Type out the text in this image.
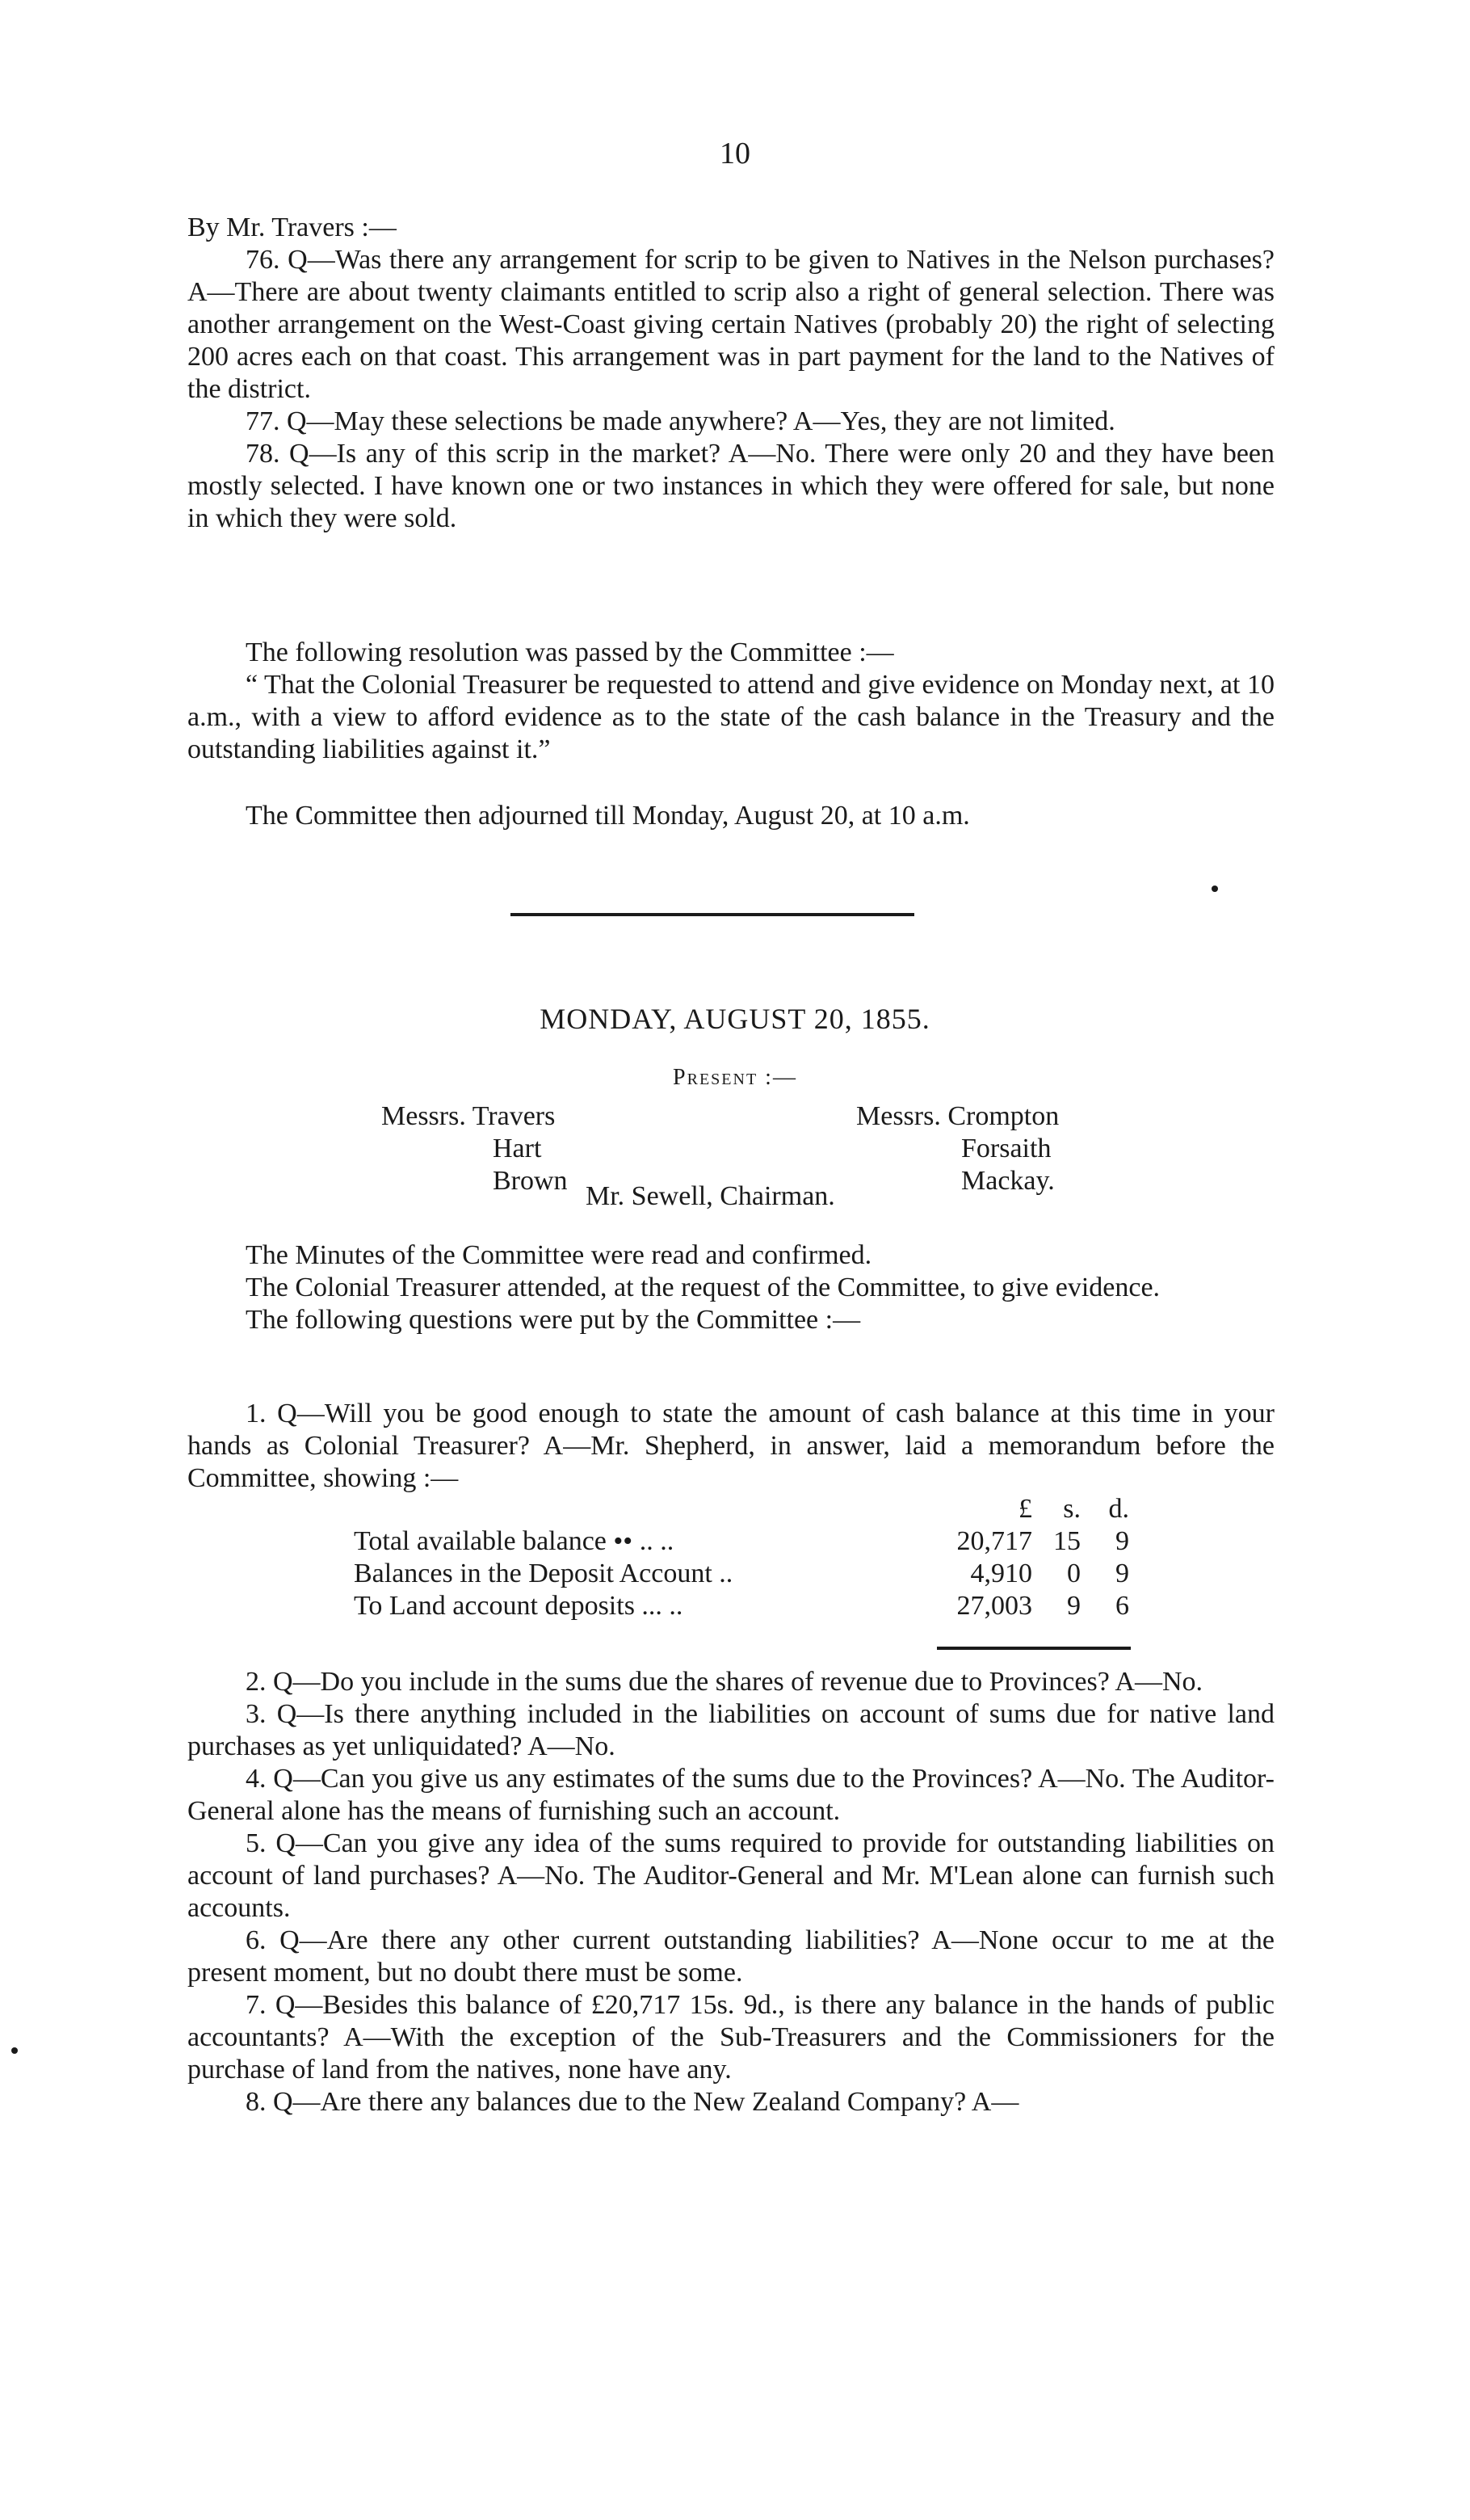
10

By Mr. Travers :—

76. Q—Was there any arrangement for scrip to be given to Natives in the Nelson purchases? A—There are about twenty claimants entitled to scrip also a right of general selection. There was another arrangement on the West-Coast giving certain Natives (probably 20) the right of selecting 200 acres each on that coast. This arrangement was in part payment for the land to the Natives of the district.

77. Q—May these selections be made anywhere? A—Yes, they are not limited.

78. Q—Is any of this scrip in the market? A—No. There were only 20 and they have been mostly selected. I have known one or two instances in which they were offered for sale, but none in which they were sold.

The following resolution was passed by the Committee :—

“ That the Colonial Treasurer be requested to attend and give evidence on Monday next, at 10 a.m., with a view to afford evidence as to the state of the cash balance in the Treasury and the outstanding liabilities against it.”

The Committee then adjourned till Monday, August 20, at 10 a.m.

MONDAY, AUGUST 20, 1855.
Present :—
Messrs. Travers
Hart
Brown
Messrs. Crompton
Forsaith
Mackay.
Mr. Sewell, Chairman.

The Minutes of the Committee were read and confirmed.

The Colonial Treasurer attended, at the request of the Committee, to give evidence.

The following questions were put by the Committee :—

1. Q—Will you be good enough to state the amount of cash balance at this time in your hands as Colonial Treasurer? A—Mr. Shepherd, in answer, laid a memorandum before the Committee, showing :—

£	s.	d.
Total available balance •• .. ..	20,717 15	9
Balances in the Deposit Account ..	4,910	0	9
To Land account deposits ... ..	27,003	9	6

2. Q—Do you include in the sums due the shares of revenue due to Provinces? A—No.

3. Q—Is there anything included in the liabilities on account of sums due for native land purchases as yet unliquidated? A—No.

4. Q—Can you give us any estimates of the sums due to the Provinces? A—No. The Auditor-General alone has the means of furnishing such an account.

5. Q—Can you give any idea of the sums required to provide for outstanding liabilities on account of land purchases? A—No. The Auditor-General and Mr. M'Lean alone can furnish such accounts.

6. Q—Are there any other current outstanding liabilities? A—None occur to me at the present moment, but no doubt there must be some.

7. Q—Besides this balance of £20,717 15s. 9d., is there any balance in the hands of public accountants? A—With the exception of the Sub-Treasurers and the Commissioners for the purchase of land from the natives, none have any.

8. Q—Are there any balances due to the New Zealand Company? A—
